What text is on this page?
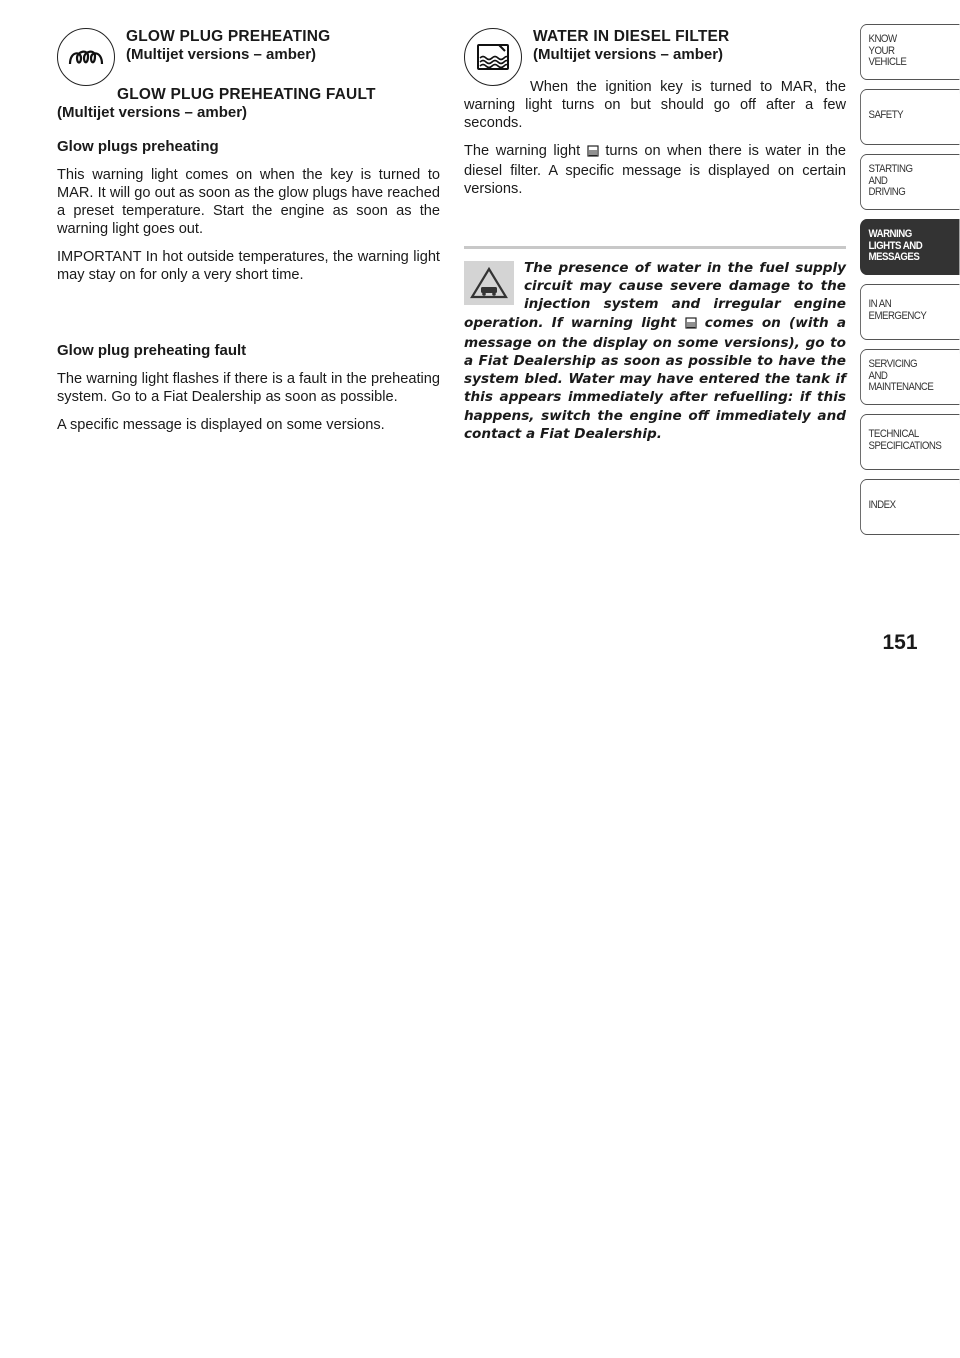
GLOW PLUG PREHEATING
(Multijet versions – amber)
GLOW PLUG PREHEATING FAULT
(Multijet versions – amber)
Glow plugs preheating

This warning light comes on when the key is turned to MAR. It will go out as soon as the glow plugs have reached a preset temperature. Start the engine as soon as the warning light goes out.

IMPORTANT In hot outside temperatures, the warning light may stay on for only a very short time.

Glow plug preheating fault

The warning light flashes if there is a fault in the preheating system. Go to a Fiat Dealership as soon as possible.

A specific message is displayed on some versions.

WATER IN DIESEL FILTER
(Multijet versions – amber)

When the ignition key is turned to MAR, the warning light turns on but should go off after a few seconds.

The warning light turns on when there is water in the diesel filter. A specific message is displayed on certain versions.

The presence of water in the fuel supply circuit may cause severe damage to the injection system and irregular engine operation. If warning light comes on (with a message on the display on some versions), go to a Fiat Dealership as soon as possible to have the system bled. Water may have entered the tank if this appears immediately after refuelling: if this happens, switch the engine off immediately and contact a Fiat Dealership.

KNOW
YOUR
VEHICLE
SAFETY
STARTING
AND
DRIVING
WARNING
LIGHTS AND
MESSAGES
IN AN
EMERGENCY
SERVICING
AND
MAINTENANCE
TECHNICAL
SPECIFICATIONS
INDEX
151
